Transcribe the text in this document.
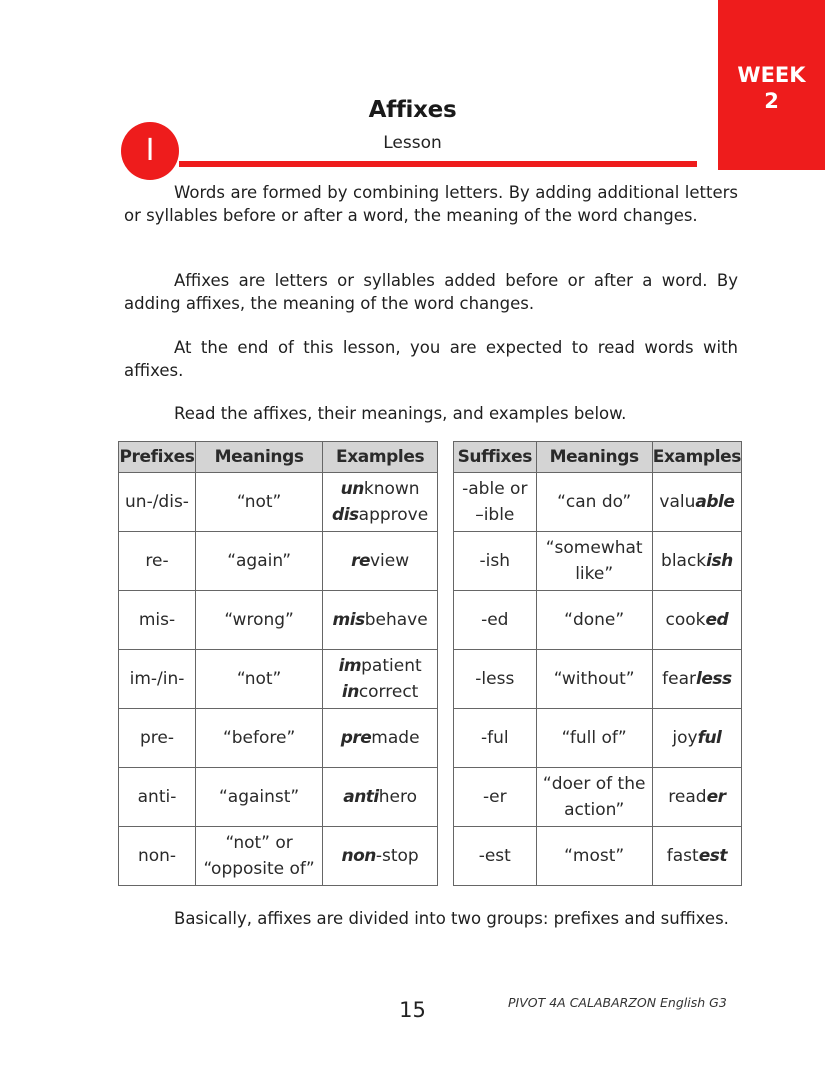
WEEK
2
Affixes
Lesson
I

Words are formed by combining letters. By adding additional letters or syllables before or after a word, the meaning of the word changes.

Affixes are letters or syllables added before or after a word. By adding affixes, the meaning of the word changes.

At the end of this lesson, you are expected to read words with affixes.

Read the affixes, their meanings, and examples below.

Prefixes	Meanings	Examples
un-/dis-	“not”	unknown
disapprove

re-	“again”	review

mis-	“wrong”	misbehave

im-/in-	“not”	impatient
incorrect

pre-	“before”	premade

anti-	“against”	antihero

non-	“not” or
“opposite of”	non-stop
Suffixes	Meanings	Examples

-able or
–ible	“can do”	valuable

-ish	“somewhat
like”	blackish

-ed	“done”	cooked

-less	“without”	fearless

-ful	“full of”	joyful

-er	“doer of the
action”	reader

-est	“most”	fastest

Basically, affixes are divided into two groups: prefixes and suffixes.

15	PIVOT 4A CALABARZON English G3
